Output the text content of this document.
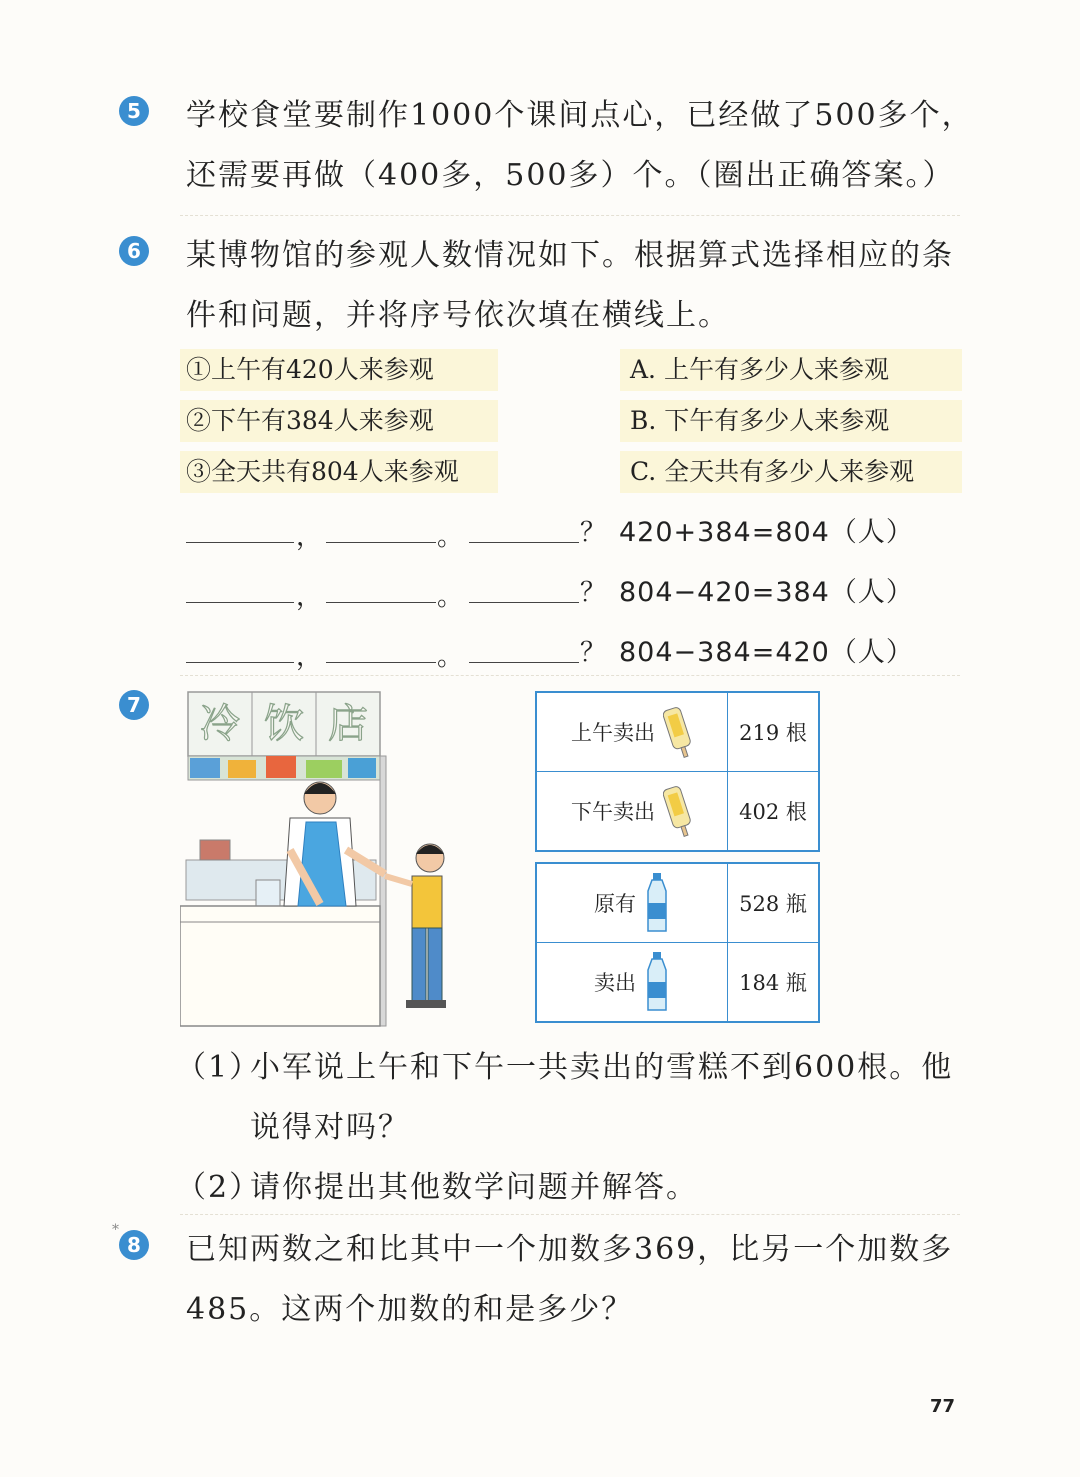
5 学校食堂要制作1000个课间点心，已经做了500多个，
还需要再做（400多，500多）个。（圈出正确答案。）
6 某博物馆的参观人数情况如下。根据算式选择相应的条
件和问题，并将序号依次填在横线上。
①上午有420人来参观
②下午有384人来参观
③全天共有804人来参观
A. 上午有多少人来参观
B. 下午有多少人来参观
C. 全天共有多少人来参观
，	。	？ 420+384=804（人）
，	。	？ 804−420=384（人）
，	。	？ 804−384=420（人）
7	冷 饮 店	上午卖出	219 根

下午卖出	402 根
原有	528 瓶

卖出	184 瓶
（1）
小军说上午和下午一共卖出的雪糕不到600根。他
说得对吗？
（2）
请你提出其他数学问题并解答。
*
8 已知两数之和比其中一个加数多369，比另一个加数多
485。这两个加数的和是多少？
77
